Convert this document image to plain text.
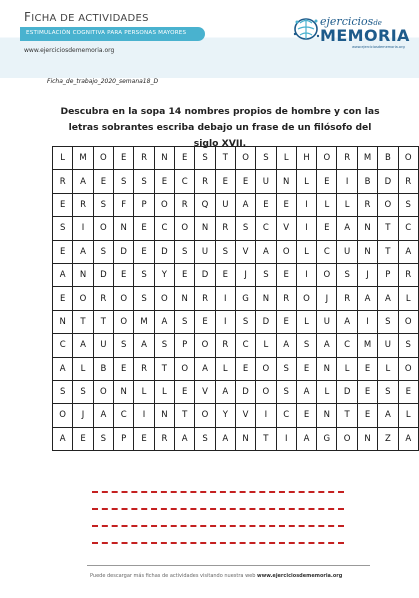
FICHA DE ACTIVIDADES
ESTIMULACIÓN COGNITIVA PARA PERSONAS MAYORES
www.ejerciciosdememoria.org
ejerciciosde
MEMORIA
www.ejerciciosdememoria.org
Ficha_de_trabajo_2020_semana18_D
Descubra en la sopa 14 nombres propios de hombre y con las
letras sobrantes escriba debajo un frase de un filósofo del siglo XVII.
L	M	O	E	R	N	E	S	T	O	S	L	H	O	R	M	B	O
R	A	E	S	S	E	C	R	E	E	U	N	L	E	I	B	D	R
E	R	S	F	P	O	R	Q	U	A	E	E	I	L	L	R	O	S
S	I	O	N	E	C	O	N	R	S	C	V	I	E	A	N	T	C
E	A	S	D	E	D	S	U	S	V	A	O	L	C	U	N	T	A
A	N	D	E	S	Y	E	D	E	J	S	E	I	O	S	J	P	R
E	O	R	O	S	O	N	R	I	G	N	R	O	J	R	A	A	L
N	T	T	O	M	A	S	E	I	S	D	E	L	U	A	I	S	O
C	A	U	S	A	S	P	O	R	C	L	A	S	A	C	M	U	S
A	L	B	E	R	T	O	A	L	E	O	S	E	N	L	E	L	O
S	S	O	N	L	L	E	V	A	D	O	S	A	L	D	E	S	E
O	J	A	C	I	N	T	O	Y	V	I	C	E	N	T	E	A	L
A	E	S	P	E	R	A	S	A	N	T	I	A	G	O	N	Z	A
Puede descargar más fichas de actividades visitando nuestra web www.ejerciciosdememoria.org
